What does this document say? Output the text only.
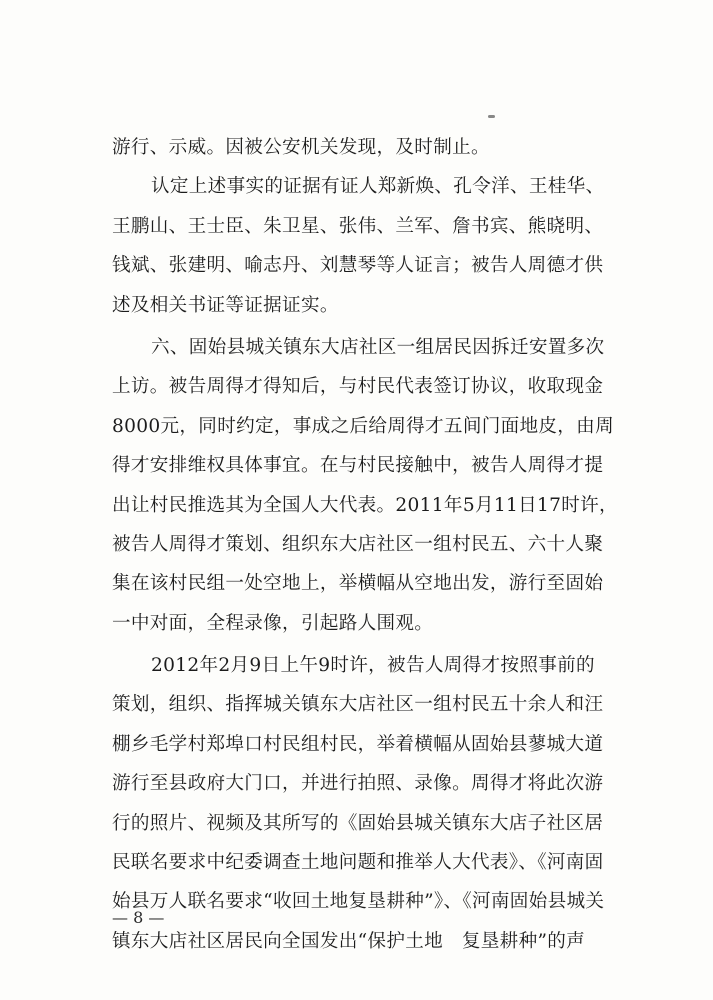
游行、示威。因被公安机关发现，及时制止。
认定上述事实的证据有证人郑新焕、孔令洋、王桂华、
王鹏山、王士臣、朱卫星、张伟、兰军、詹书宾、熊晓明、
钱斌、张建明、喻志丹、刘慧琴等人证言；被告人周德才供
述及相关书证等证据证实。
六、固始县城关镇东大店社区一组居民因拆迁安置多次
上访。被告周得才得知后，与村民代表签订协议，收取现金
8000元，同时约定，事成之后给周得才五间门面地皮，由周
得才安排维权具体事宜。在与村民接触中，被告人周得才提
出让村民推选其为全国人大代表。2011年5月11日17时许，
被告人周得才策划、组织东大店社区一组村民五、六十人聚
集在该村民组一处空地上，举横幅从空地出发，游行至固始
一中对面，全程录像，引起路人围观。
2012年2月9日上午9时许，被告人周得才按照事前的
策划，组织、指挥城关镇东大店社区一组村民五十余人和汪
棚乡毛学村郑埠口村民组村民，举着横幅从固始县蓼城大道
游行至县政府大门口，并进行拍照、录像。周得才将此次游
行的照片、视频及其所写的《固始县城关镇东大店子社区居
民联名要求中纪委调查土地问题和推举人大代表》、《河南固
始县万人联名要求“收回土地复垦耕种”》、《河南固始县城关
镇东大店社区居民向全国发出“保护土地　复垦耕种”的声
— 8 —
